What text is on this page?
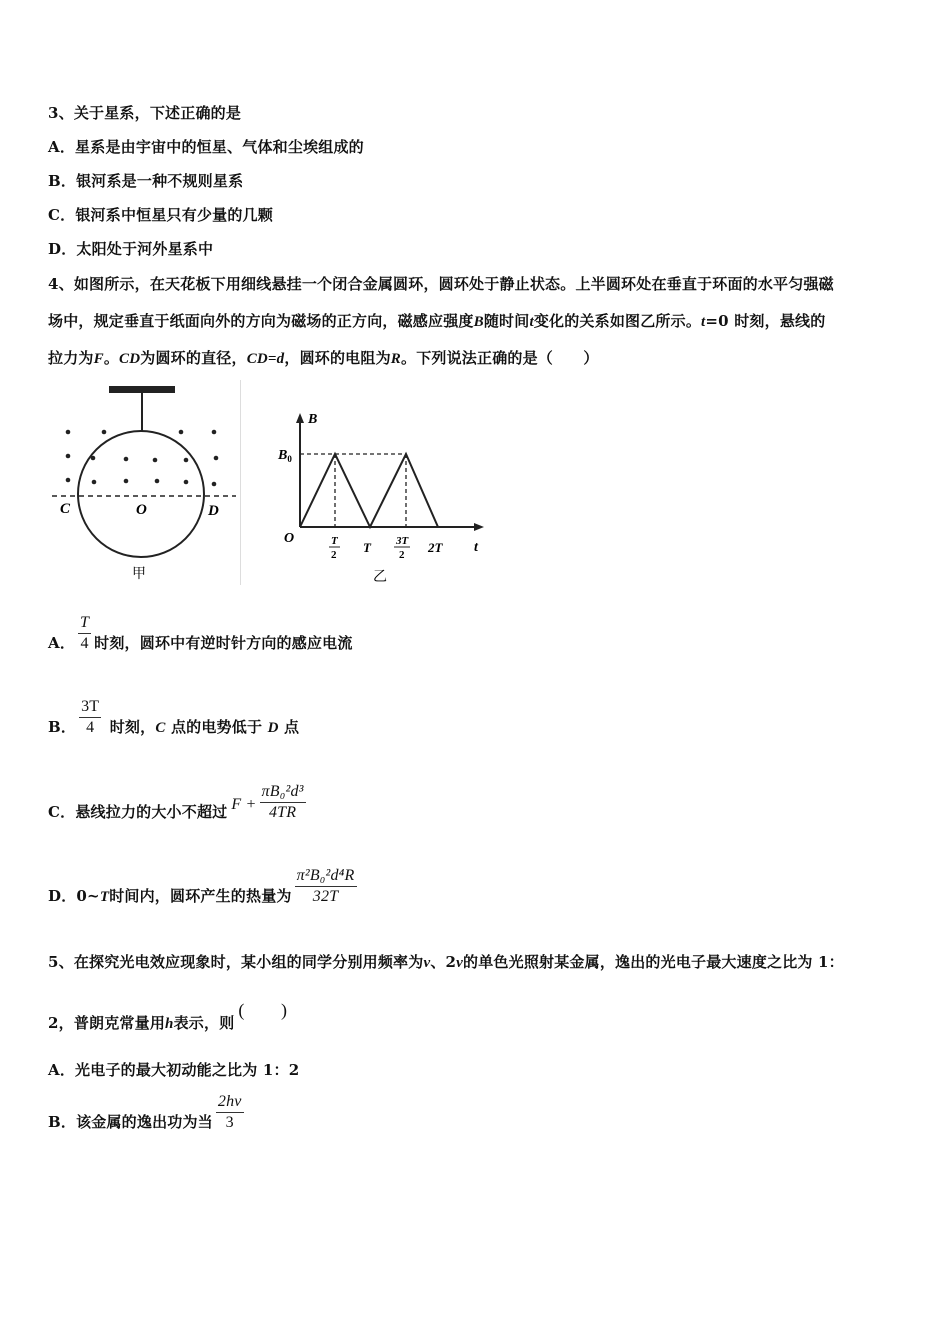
3、关于星系，下述正确的是
A．星系是由宇宙中的恒星、气体和尘埃组成的
B．银河系是一种不规则星系
C．银河系中恒星只有少量的几颗
D．太阳处于河外星系中
4、如图所示，在天花板下用细线悬挂一个闭合金属圆环，圆环处于静止状态。上半圆环处在垂直于环面的水平匀强磁
场中，规定垂直于纸面向外的方向为磁场的正方向，磁感应强度B随时间t变化的关系如图乙所示。t=0 时刻，悬线的
拉力为F。CD为圆环的直径，CD=d，圆环的电阻为R。下列说法正确的是（　　）
C	O	D
甲
B
$B_0$
O	T
2 T 3T
2 2T t
乙
A． $\frac{T}{4}$ 时刻，圆环中有逆时针方向的感应电流
B． $\frac{3T}{4}$ 时刻，C 点的电势低于 D 点
C．悬线拉力的大小不超过 $F + \frac{\text{πB₀²d³}}{4TR}$
D．0~T时间内，圆环产生的热量为 $\frac{\text{π²B₀²d⁴R}}{32T}$
5、在探究光电效应现象时，某小组的同学分别用频率为v、2v的单色光照射某金属，逸出的光电子最大速度之比为 1：
2，普朗克常量用h表示，则(　　)
A．光电子的最大初动能之比为 1：2
B．该金属的逸出功为当 $\frac{2h\nu}{3}$
